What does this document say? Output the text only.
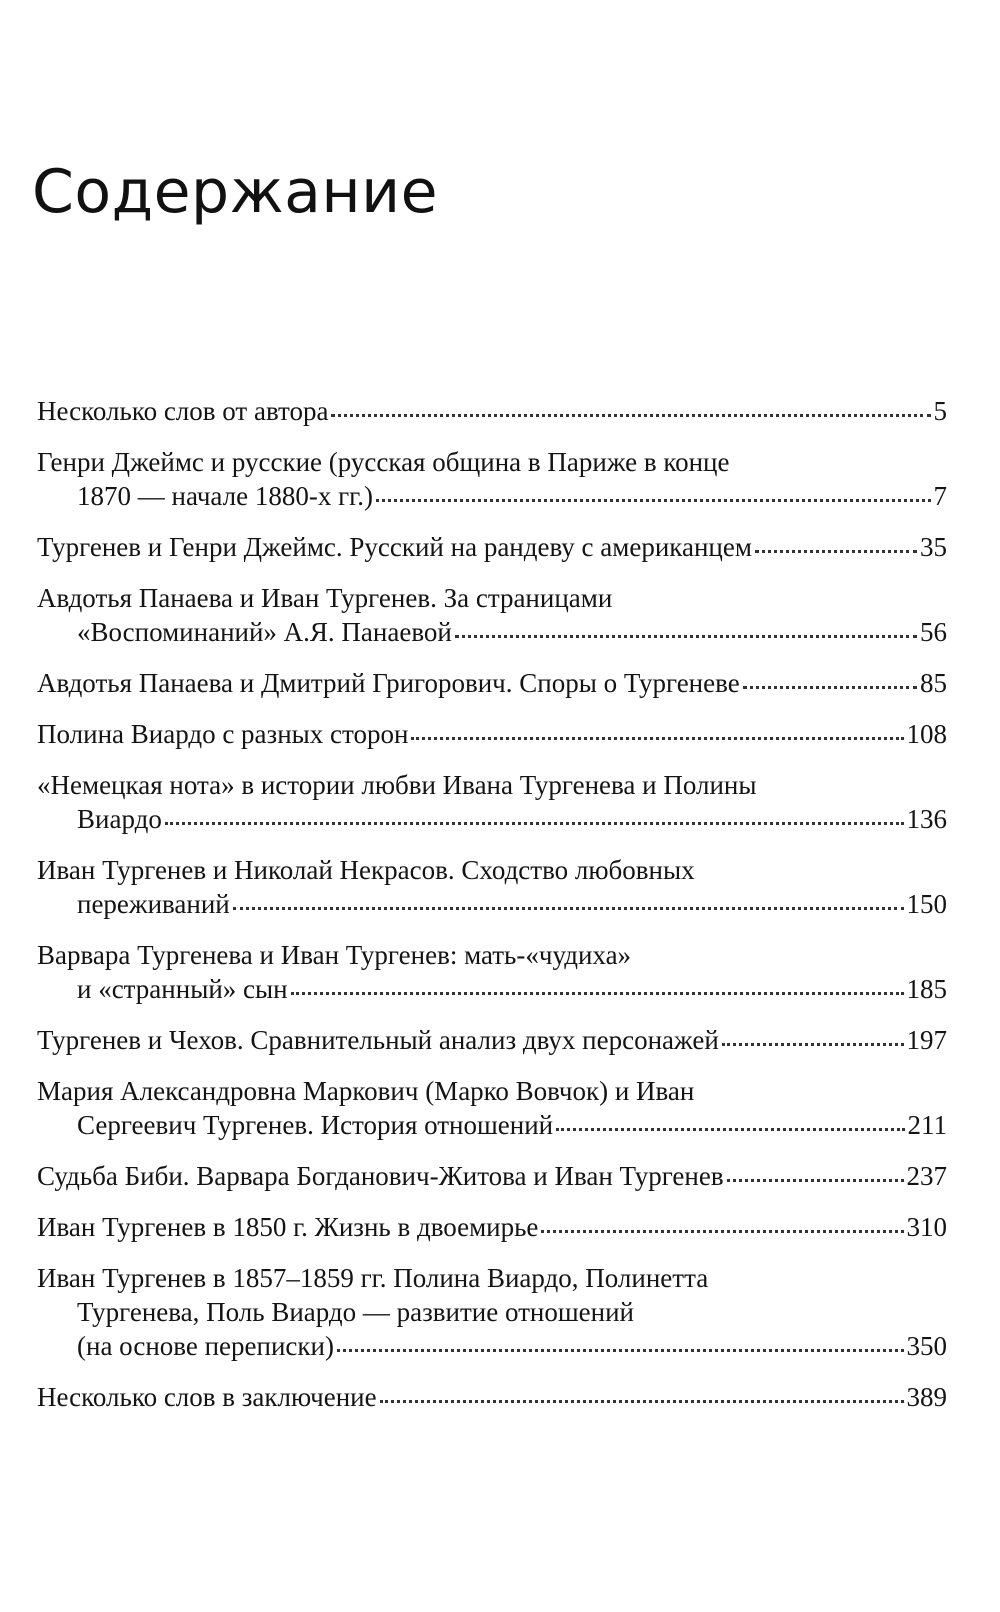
Содержание
Несколько слов от автора	5
Генри Джеймс и русские (русская община в Париже в конце
1870 — начале 1880-х гг.)	7
Тургенев и Генри Джеймс. Русский на рандеву с американцем	35
Авдотья Панаева и Иван Тургенев. За страницами
«Воспоминаний» А.Я. Панаевой	56
Авдотья Панаева и Дмитрий Григорович. Споры о Тургеневе	85
Полина Виардо с разных сторон	108
«Немецкая нота» в истории любви Ивана Тургенева и Полины
Виардо	136
Иван Тургенев и Николай Некрасов. Сходство любовных
переживаний	150
Варвара Тургенева и Иван Тургенев: мать-«чудиха»
и «странный» сын	185
Тургенев и Чехов. Сравнительный анализ двух персонажей	197
Мария Александровна Маркович (Марко Вовчок) и Иван
Сергеевич Тургенев. История отношений	211
Судьба Биби. Варвара Богданович-Житова и Иван Тургенев	237
Иван Тургенев в 1850 г. Жизнь в двоемирье	310
Иван Тургенев в 1857–1859 гг. Полина Виардо, Полинетта
Тургенева, Поль Виардо — развитие отношений
(на основе переписки)	350
Несколько слов в заключение	389
